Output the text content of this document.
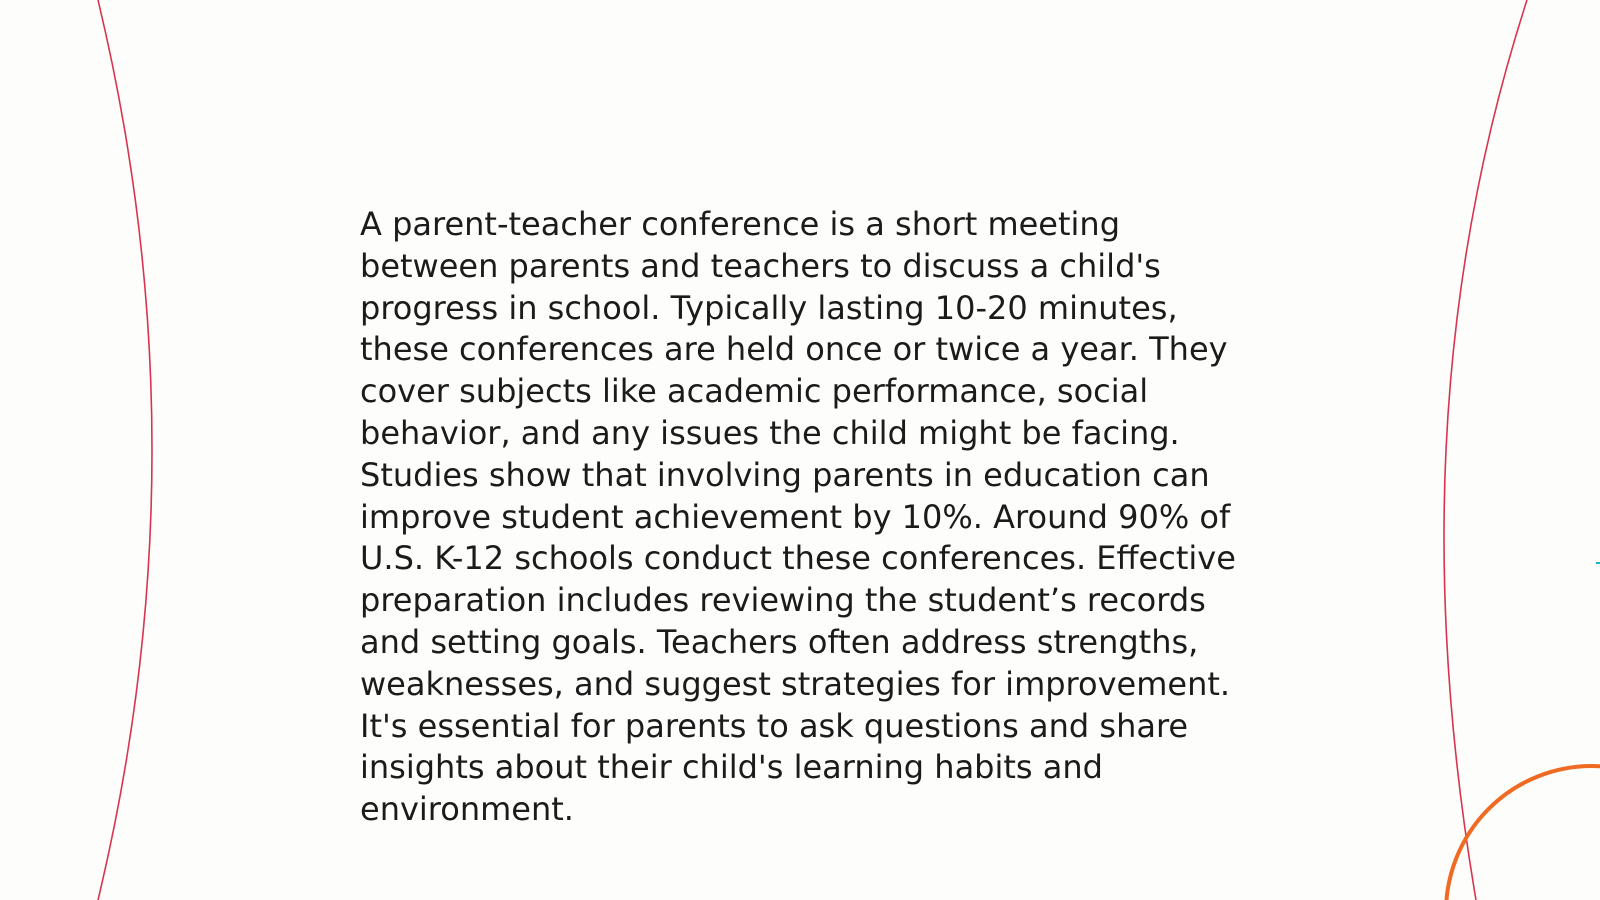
A parent-teacher conference is a short meeting
between parents and teachers to discuss a child's
progress in school. Typically lasting 10-20 minutes,
these conferences are held once or twice a year. They
cover subjects like academic performance, social
behavior, and any issues the child might be facing.
Studies show that involving parents in education can
improve student achievement by 10%. Around 90% of
U.S. K-12 schools conduct these conferences. Effective
preparation includes reviewing the student’s records
and setting goals. Teachers often address strengths,
weaknesses, and suggest strategies for improvement.
It's essential for parents to ask questions and share
insights about their child's learning habits and
environment.
